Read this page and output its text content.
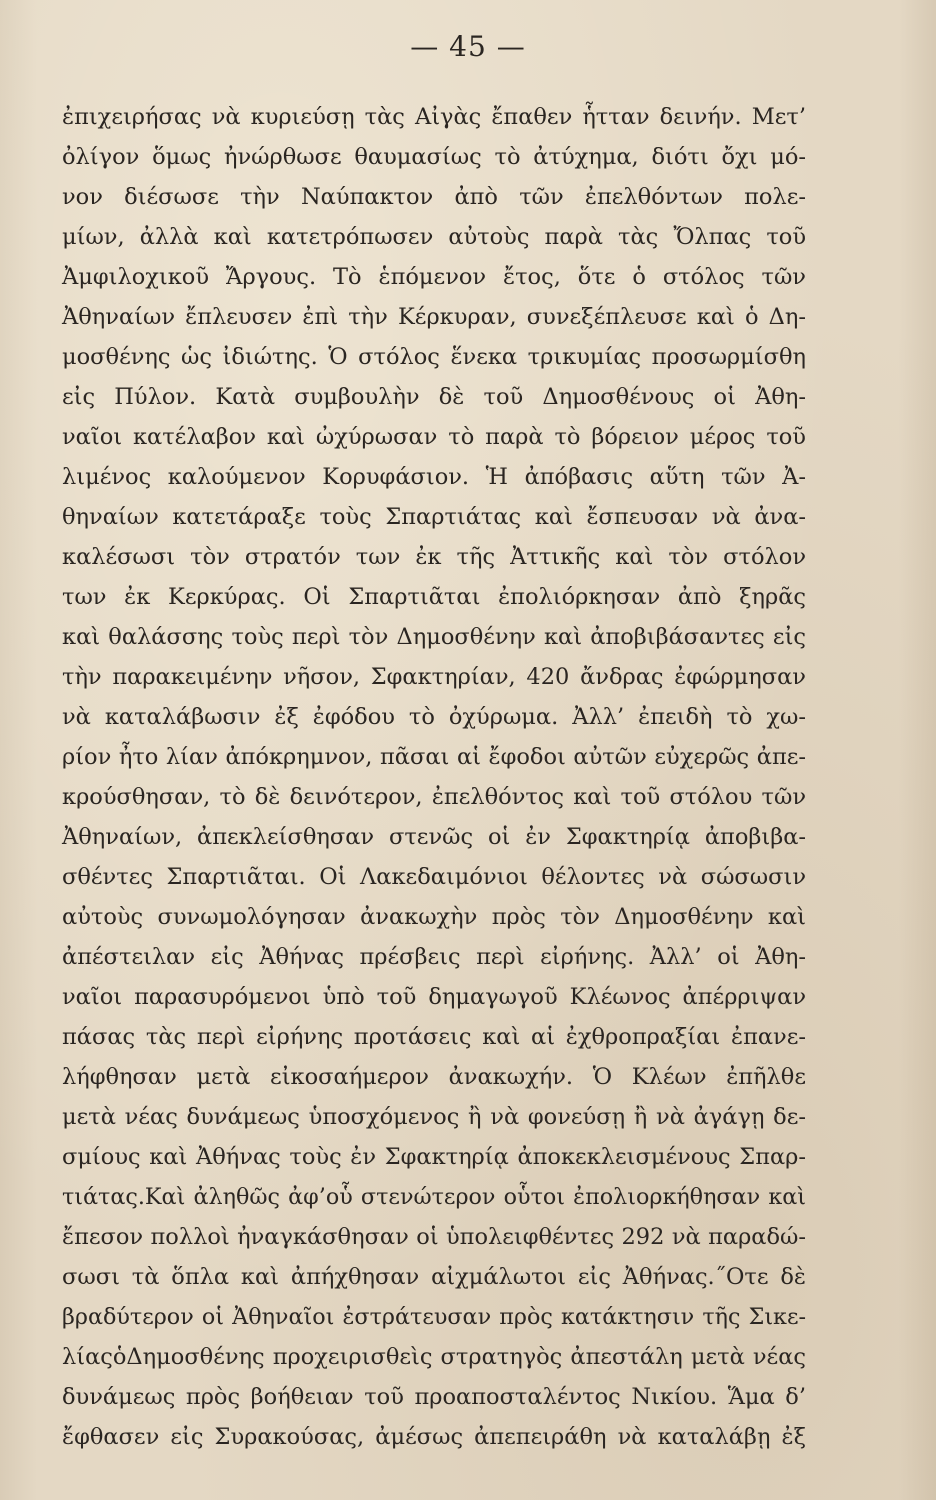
— 45 —
ἐπιχειρήσας νὰ κυριεύσῃ τὰς Αἰγὰς ἔπαθεν ἧτταν δεινήν. Μετ’
ὀλίγον ὅμως ἠνώρθωσε θαυμασίως τὸ ἀτύχημα, διότι ὄχι μό-
νον διέσωσε τὴν Ναύπακτον ἀπὸ τῶν ἐπελθόντων πολε-
μίων, ἀλλὰ καὶ κατετρόπωσεν αὐτοὺς παρὰ τὰς Ὄλπας τοῦ
Ἀμφιλοχικοῦ Ἄργους. Τὸ ἑπόμενον ἔτος, ὅτε ὁ στόλος τῶν
Ἀθηναίων ἔπλευσεν ἐπὶ τὴν Κέρκυραν, συνεξέπλευσε καὶ ὁ Δη-
μοσθένης ὡς ἰδιώτης. Ὁ στόλος ἕνεκα τρικυμίας προσωρμίσθη
εἰς Πύλον. Κατὰ συμβουλὴν δὲ τοῦ Δημοσθένους οἱ Ἀθη-
ναῖοι κατέλαβον καὶ ὠχύρωσαν τὸ παρὰ τὸ βόρειον μέρος τοῦ
λιμένος καλούμενον Κορυφάσιον. Ἡ ἀπόβασις αὕτη τῶν Ἀ-
θηναίων κατετάραξε τοὺς Σπαρτιάτας καὶ ἔσπευσαν νὰ ἀνα-
καλέσωσι τὸν στρατόν των ἐκ τῆς Ἀττικῆς καὶ τὸν στόλον
των ἐκ Κερκύρας. Οἱ Σπαρτιᾶται ἐπολιόρκησαν ἀπὸ ξηρᾶς
καὶ θαλάσσης τοὺς περὶ τὸν Δημοσθένην καὶ ἀποβιβάσαντες εἰς
τὴν παρακειμένην νῆσον, Σφακτηρίαν, 420 ἄνδρας ἐφώρμησαν
νὰ καταλάβωσιν ἐξ ἐφόδου τὸ ὀχύρωμα. Ἀλλ’ ἐπειδὴ τὸ χω-
ρίον ἦτο λίαν ἀπόκρημνον, πᾶσαι αἱ ἔφοδοι αὐτῶν εὐχερῶς ἀπε-
κρούσθησαν, τὸ δὲ δεινότερον, ἐπελθόντος καὶ τοῦ στόλου τῶν
Ἀθηναίων, ἀπεκλείσθησαν στενῶς οἱ ἐν Σφακτηρίᾳ ἀποβιβα-
σθέντες Σπαρτιᾶται. Οἱ Λακεδαιμόνιοι θέλοντες νὰ σώσωσιν
αὐτοὺς συνωμολόγησαν ἀνακωχὴν πρὸς τὸν Δημοσθένην καὶ
ἀπέστειλαν εἰς Ἀθήνας πρέσβεις περὶ εἰρήνης. Ἀλλ’ οἱ Ἀθη-
ναῖοι παρασυρόμενοι ὑπὸ τοῦ δημαγωγοῦ Κλέωνος ἀπέρριψαν
πάσας τὰς περὶ εἰρήνης προτάσεις καὶ αἱ ἐχθροπραξίαι ἐπανε-
λήφθησαν μετὰ εἰκοσαήμερον ἀνακωχήν. Ὁ Κλέων ἐπῆλθε
μετὰ νέας δυνάμεως ὑποσχόμενος ἢ νὰ φονεύσῃ ἢ νὰ ἀγάγῃ δε-
σμίους καὶ Ἀθήνας τοὺς ἐν Σφακτηρίᾳ ἀποκεκλεισμένους Σπαρ-
τιάτας.Καὶ ἀληθῶς ἀφ’οὗ στενώτερον οὗτοι ἐπολιορκήθησαν καὶ
ἔπεσον πολλοὶ ἠναγκάσθησαν οἱ ὑπολειφθέντες 292 νὰ παραδώ-
σωσι τὰ ὅπλα καὶ ἀπήχθησαν αἰχμάλωτοι εἰς Ἀθήνας.˝Οτε δὲ
βραδύτερον οἱ Ἀθηναῖοι ἐστράτευσαν πρὸς κατάκτησιν τῆς Σικε-
λίαςὁΔημοσθένης προχειρισθεὶς στρατηγὸς ἀπεστάλη μετὰ νέας
δυνάμεως πρὸς βοήθειαν τοῦ προαποσταλέντος Νικίου. Ἅμα δ’
ἔφθασεν εἰς Συρακούσας, ἀμέσως ἀπεπειράθη νὰ καταλάβῃ ἐξ
